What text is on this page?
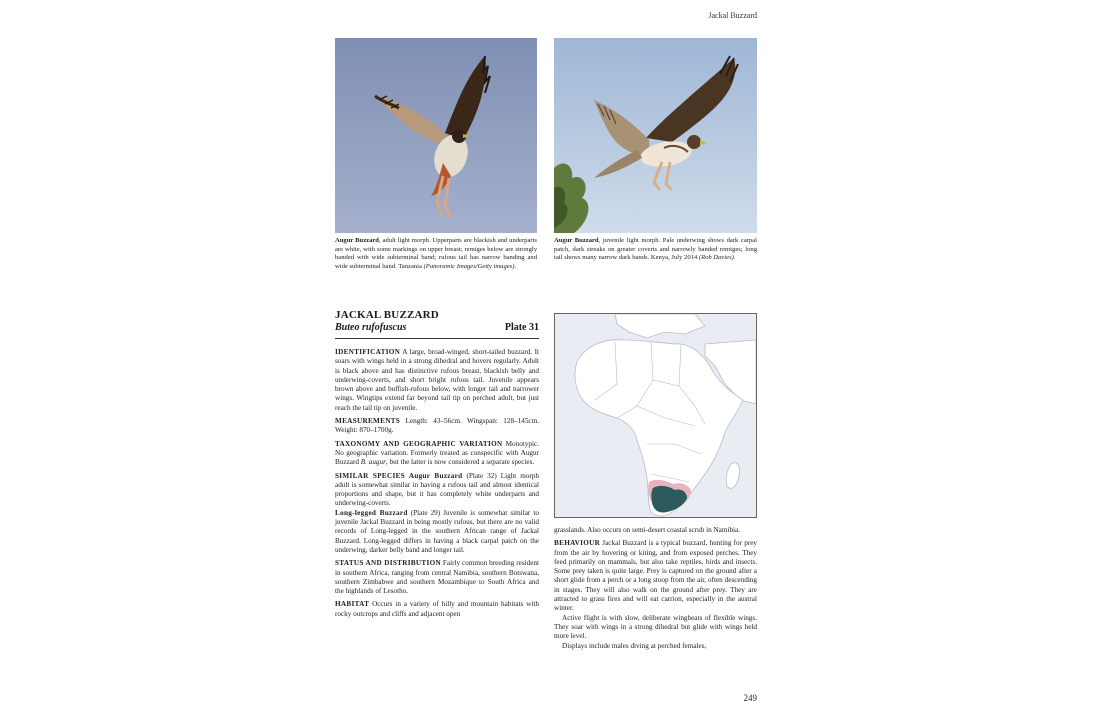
Jackal Buzzard
Augur Buzzard, adult light morph. Upperparts are blackish and underparts are white, with some markings on upper breast; remiges below are strongly banded with wide subterminal band; rufous tail has narrow banding and wide subterminal band. Tanzania (Panoramic Images/Getty images).
Augur Buzzard, juvenile light morph. Pale underwing shows dark carpal patch, dark streaks on greater coverts and narrowly banded remiges; long tail shows many narrow dark bands. Kenya, July 2014 (Rob Davies).
JACKAL BUZZARD
Buteo rufofuscus	Plate 31

IDENTIFICATION A large, broad-winged, short-tailed buzzard. It soars with wings held in a strong dihedral and hovers regularly. Adult is black above and has distinctive rufous breast, blackish belly and underwing-coverts, and short bright rufous tail. Juvenile appears brown above and buffish-rufous below, with longer tail and narrower wings. Wingtips extend far beyond tail tip on perched adult, but just reach the tail tip on juvenile.

MEASUREMENTS Length: 43–56cm. Wingspan: 128–145cm. Weight: 870–1700g.

TAXONOMY AND GEOGRAPHIC VARIATION Monotypic. No geographic variation. Formerly treated as conspecific with Augur Buzzard B. augur, but the latter is now considered a separate species.

SIMILAR SPECIES Augur Buzzard (Plate 32) Light morph adult is somewhat similar in having a rufous tail and almost identical proportions and shape, but it has completely white underparts and underwing-coverts.

Long-legged Buzzard (Plate 29) Juvenile is somewhat similar to juvenile Jackal Buzzard in being mostly rufous, but there are no valid records of Long-legged in the southern African range of Jackal Buzzard. Long-legged differs in having a black carpal patch on the underwing, darker belly band and longer tail.

STATUS AND DISTRIBUTION Fairly common breeding resident in southern Africa, ranging from central Namibia, southern Botswana, southern Zimbabwe and southern Mozambique to South Africa and the highlands of Lesotho.

HABITAT Occurs in a variety of hilly and mountain habitats with rocky outcrops and cliffs and adjacent open

grasslands. Also occurs on semi-desert coastal scrub in Namibia.

BEHAVIOUR Jackal Buzzard is a typical buzzard, hunting for prey from the air by hovering or kiting, and from exposed perches. They feed primarily on mammals, but also take reptiles, birds and insects. Some prey taken is quite large. Prey is captured on the ground after a short glide from a perch or a long stoop from the air, often descending in stages. They will also walk on the ground after prey. They are attracted to grass fires and will eat carrion, especially in the austral winter.

Active flight is with slow, deliberate wingbeats of flexible wings. They soar with wings in a strong dihedral but glide with wings held more level.

Displays include males diving at perched females,

249
